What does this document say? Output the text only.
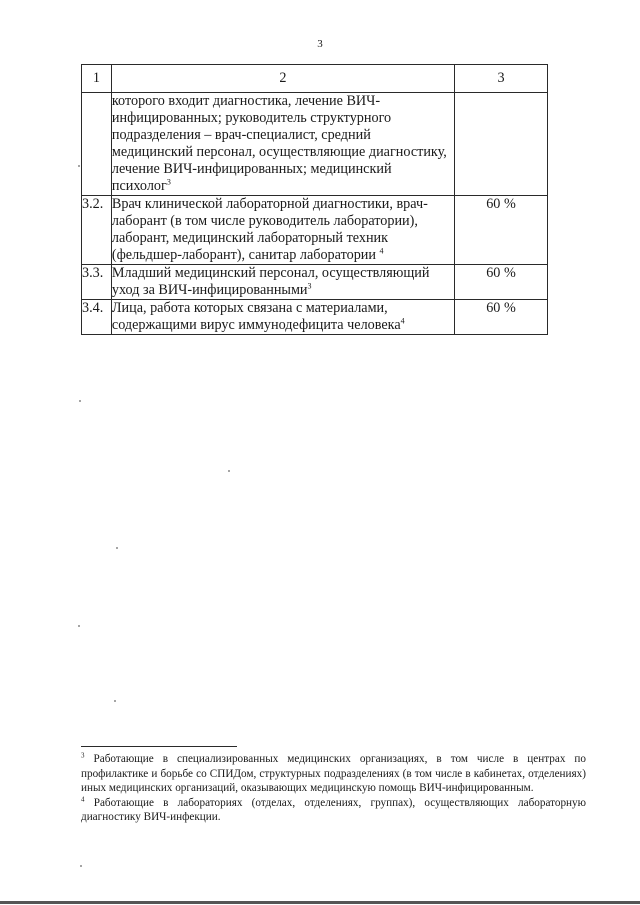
3
1	2	3
	которого входит диагностика, лечение ВИЧ-инфицированных; руководитель структурного подразделения – врач-специалист, средний медицинский персонал, осуществляющие диагностику, лечение ВИЧ-инфицированных; медицинский психолог$^3$	
3.2.	Врач клинической лабораторной диагностики, врач-лаборант (в том числе руководитель лаборатории), лаборант, медицинский лабораторный техник (фельдшер-лаборант), санитар лаборатории $^4$	60 %
3.3.	Младший медицинский персонал, осуществляющий уход за ВИЧ-инфицированными$^3$	60 %
3.4.	Лица, работа которых связана с материалами, содержащими вирус иммунодефицита человека$^4$	60 %

$^3$ Работающие в специализированных медицинских организациях, в том числе в центрах по профилактике и борьбе со СПИДом, структурных подразделениях (в том числе в кабинетах, отделениях) иных медицинских организаций, оказывающих медицинскую помощь ВИЧ-инфицированным.

$^4$ Работающие в лабораториях (отделах, отделениях, группах), осуществляющих лабораторную диагностику ВИЧ-инфекции.
